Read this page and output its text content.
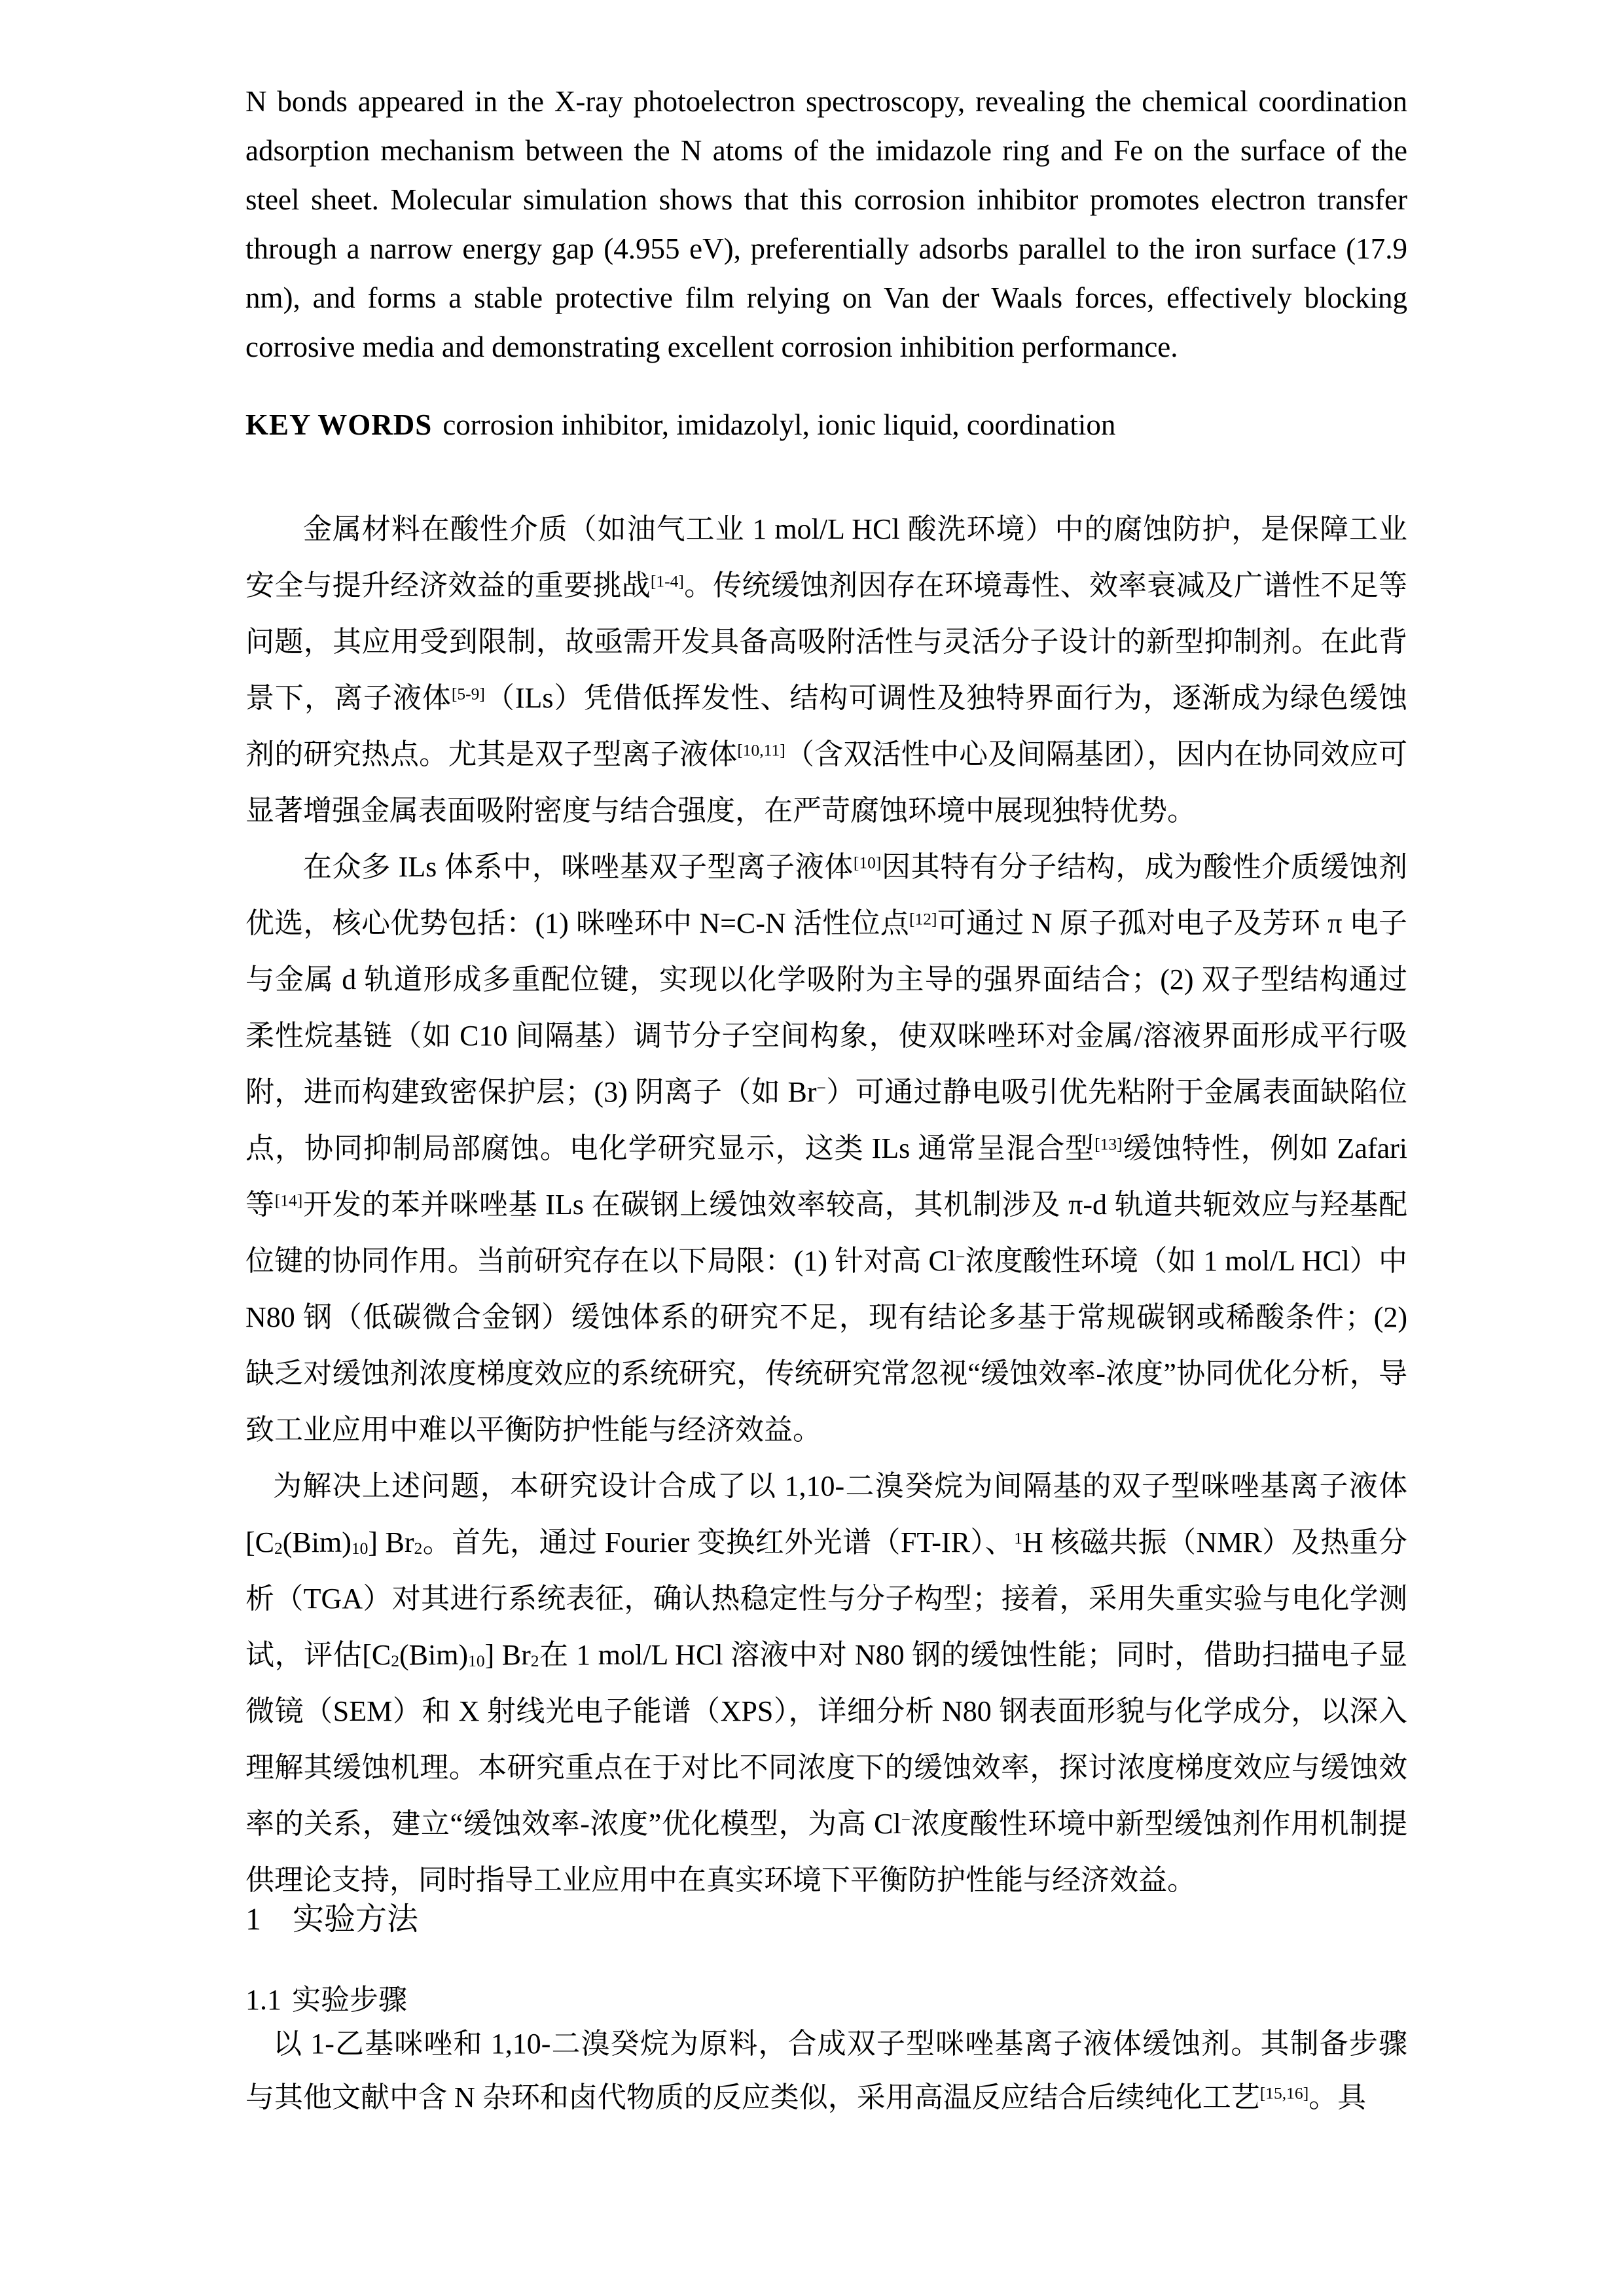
N bonds appeared in the X-ray photoelectron spectroscopy, revealing the chemical coordination adsorption mechanism between the N atoms of the imidazole ring and Fe on the surface of the steel sheet. Molecular simulation shows that this corrosion inhibitor promotes electron transfer through a narrow energy gap (4.955 eV), preferentially adsorbs parallel to the iron surface (17.9 nm), and forms a stable protective film relying on Van der Waals forces, effectively blocking corrosive media and demonstrating excellent corrosion inhibition performance.

KEY WORDS corrosion inhibitor, imidazolyl, ionic liquid, coordination

金属材料在酸性介质（如油气工业 1 mol/L HCl 酸洗环境）中的腐蚀防护，是保障工业安全与提升经济效益的重要挑战[1-4]。传统缓蚀剂因存在环境毒性、效率衰减及广谱性不足等问题，其应用受到限制，故亟需开发具备高吸附活性与灵活分子设计的新型抑制剂。在此背景下，离子液体[5-9]（ILs）凭借低挥发性、结构可调性及独特界面行为，逐渐成为绿色缓蚀剂的研究热点。尤其是双子型离子液体[10,11]（含双活性中心及间隔基团），因内在协同效应可显著增强金属表面吸附密度与结合强度，在严苛腐蚀环境中展现独特优势。

在众多 ILs 体系中，咪唑基双子型离子液体[10]因其特有分子结构，成为酸性介质缓蚀剂优选，核心优势包括：(1) 咪唑环中 N=C-N 活性位点[12]可通过 N 原子孤对电子及芳环 π 电子与金属 d 轨道形成多重配位键，实现以化学吸附为主导的强界面结合；(2) 双子型结构通过柔性烷基链（如 C10 间隔基）调节分子空间构象，使双咪唑环对金属/溶液界面形成平行吸附，进而构建致密保护层；(3) 阴离子（如 Br−）可通过静电吸引优先粘附于金属表面缺陷位点，协同抑制局部腐蚀。电化学研究显示，这类 ILs 通常呈混合型[13]缓蚀特性，例如 Zafari 等[14]开发的苯并咪唑基 ILs 在碳钢上缓蚀效率较高，其机制涉及 π-d 轨道共轭效应与羟基配位键的协同作用。当前研究存在以下局限：(1) 针对高 Cl−浓度酸性环境（如 1 mol/L HCl）中 N80 钢（低碳微合金钢）缓蚀体系的研究不足，现有结论多基于常规碳钢或稀酸条件；(2) 缺乏对缓蚀剂浓度梯度效应的系统研究，传统研究常忽视“缓蚀效率-浓度”协同优化分析，导致工业应用中难以平衡防护性能与经济效益。

为解决上述问题，本研究设计合成了以 1,10-二溴癸烷为间隔基的双子型咪唑基离子液体$[C_2(Bim)_{10}]$ $Br_2$。首先，通过 Fourier 变换红外光谱（FT-IR）、$^1$H 核磁共振（NMR）及热重分析（TGA）对其进行系统表征，确认热稳定性与分子构型；接着，采用失重实验与电化学测试，评估$[C_2(Bim)_{10}]$ $Br_2$在 1 mol/L HCl 溶液中对 N80 钢的缓蚀性能；同时，借助扫描电子显微镜（SEM）和 X 射线光电子能谱（XPS），详细分析 N80 钢表面形貌与化学成分，以深入理解其缓蚀机理。本研究重点在于对比不同浓度下的缓蚀效率，探讨浓度梯度效应与缓蚀效率的关系，建立“缓蚀效率-浓度”优化模型，为高 Cl−浓度酸性环境中新型缓蚀剂作用机制提供理论支持，同时指导工业应用中在真实环境下平衡防护性能与经济效益。

1 实验方法
1.1 实验步骤

以 1-乙基咪唑和 1,10-二溴癸烷为原料，合成双子型咪唑基离子液体缓蚀剂。其制备步骤与其他文献中含 N 杂环和卤代物质的反应类似，采用高温反应结合后续纯化工艺[15,16]。具
